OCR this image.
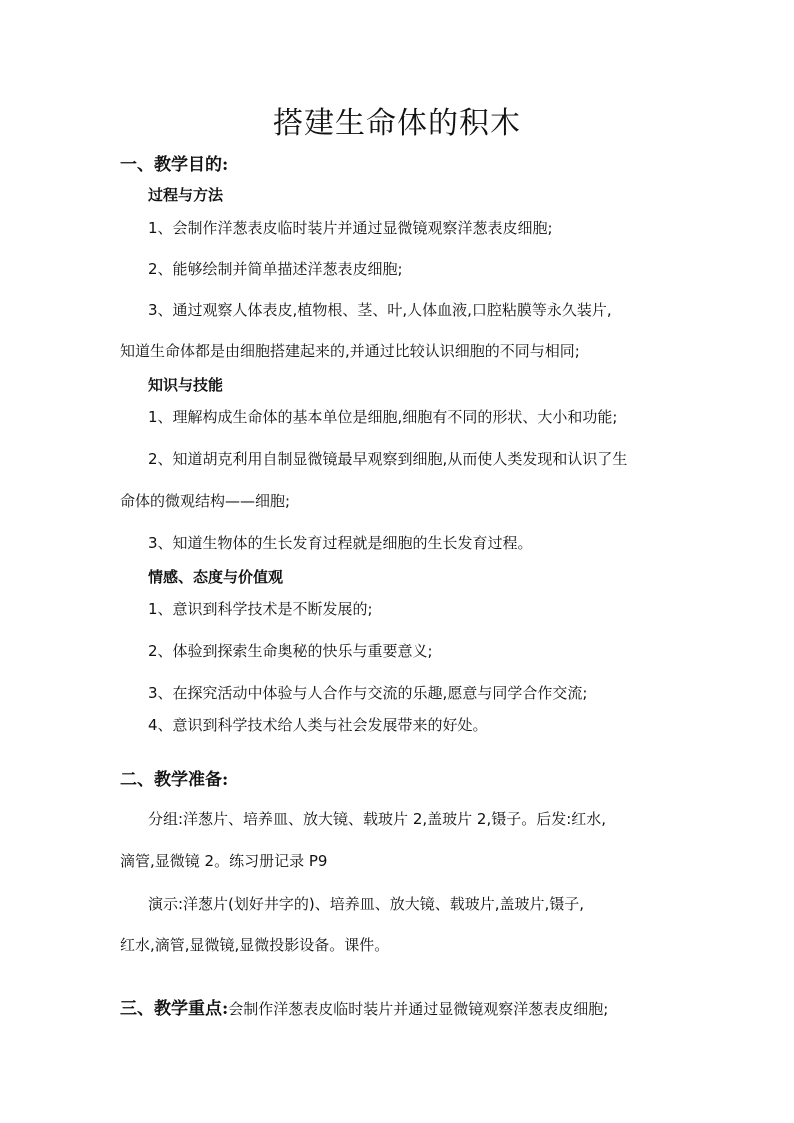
搭建生命体的积木
一、教学目的:
过程与方法
1、会制作洋葱表皮临时装片并通过显微镜观察洋葱表皮细胞;
2、能够绘制并简单描述洋葱表皮细胞;
3、通过观察人体表皮,植物根、茎、叶,人体血液,口腔粘膜等永久装片,
知道生命体都是由细胞搭建起来的,并通过比较认识细胞的不同与相同;
知识与技能
1、理解构成生命体的基本单位是细胞,细胞有不同的形状、大小和功能;
2、知道胡克利用自制显微镜最早观察到细胞,从而使人类发现和认识了生
命体的微观结构——细胞;
3、知道生物体的生长发育过程就是细胞的生长发育过程。
情感、态度与价值观
1、意识到科学技术是不断发展的;
2、体验到探索生命奥秘的快乐与重要意义;
3、在探究活动中体验与人合作与交流的乐趣,愿意与同学合作交流;
4、意识到科学技术给人类与社会发展带来的好处。
二、教学准备:
分组:洋葱片、培养皿、放大镜、载玻片 2,盖玻片 2,镊子。后发:红水,
滴管,显微镜 2。练习册记录 P9
演示:洋葱片(划好井字的)、培养皿、放大镜、载玻片,盖玻片,镊子,
红水,滴管,显微镜,显微投影设备。课件。
三、教学重点:会制作洋葱表皮临时装片并通过显微镜观察洋葱表皮细胞;
